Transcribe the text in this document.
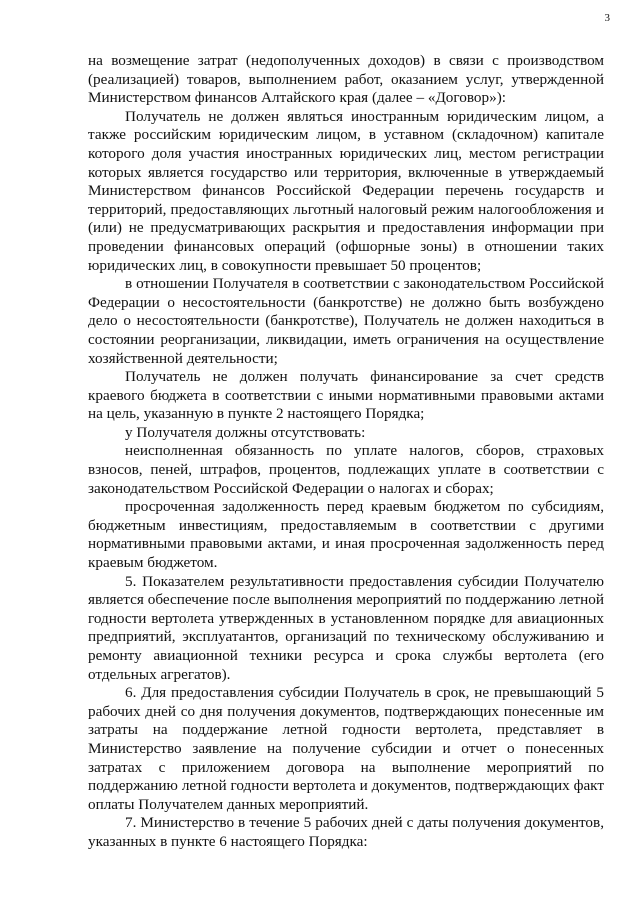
3

на возмещение затрат (недополученных доходов) в связи с производством (реализацией) товаров, выполнением работ, оказанием услуг, утвержденной Министерством финансов Алтайского края (далее – «Договор»):

Получатель не должен являться иностранным юридическим лицом, а также российским юридическим лицом, в уставном (складочном) капитале которого доля участия иностранных юридических лиц, местом регистрации которых является государство или территория, включенные в утверждаемый Министерством финансов Российской Федерации перечень государств и территорий, предоставляющих льготный налоговый режим налогообложения и (или) не предусматривающих раскрытия и предоставления информации при проведении финансовых операций (офшорные зоны) в отношении таких юридических лиц, в совокупности превышает 50 процентов;

в отношении Получателя в соответствии с законодательством Российской Федерации о несостоятельности (банкротстве) не должно быть возбуждено дело о несостоятельности (банкротстве), Получатель не должен находиться в состоянии реорганизации, ликвидации, иметь ограничения на осуществление хозяйственной деятельности;

Получатель не должен получать финансирование за счет средств краевого бюджета в соответствии с иными нормативными правовыми актами на цель, указанную в пункте 2 настоящего Порядка;

у Получателя должны отсутствовать:

неисполненная обязанность по уплате налогов, сборов, страховых взносов, пеней, штрафов, процентов, подлежащих уплате в соответствии с законодательством Российской Федерации о налогах и сборах;

просроченная задолженность перед краевым бюджетом по субсидиям, бюджетным инвестициям, предоставляемым в соответствии с другими нормативными правовыми актами, и иная просроченная задолженность перед краевым бюджетом.

5. Показателем результативности предоставления субсидии Получателю является обеспечение после выполнения мероприятий по поддержанию летной годности вертолета утвержденных в установленном порядке для авиационных предприятий, эксплуатантов, организаций по техническому обслуживанию и ремонту авиационной техники ресурса и срока службы вертолета (его отдельных агрегатов).

6. Для предоставления субсидии Получатель в срок, не превышающий 5 рабочих дней со дня получения документов, подтверждающих понесенные им затраты на поддержание летной годности вертолета, представляет в Министерство заявление на получение субсидии и отчет о понесенных затратах с приложением договора на выполнение мероприятий по поддержанию летной годности вертолета и документов, подтверждающих факт оплаты Получателем данных мероприятий.

7. Министерство в течение 5 рабочих дней с даты получения документов, указанных в пункте 6 настоящего Порядка:
